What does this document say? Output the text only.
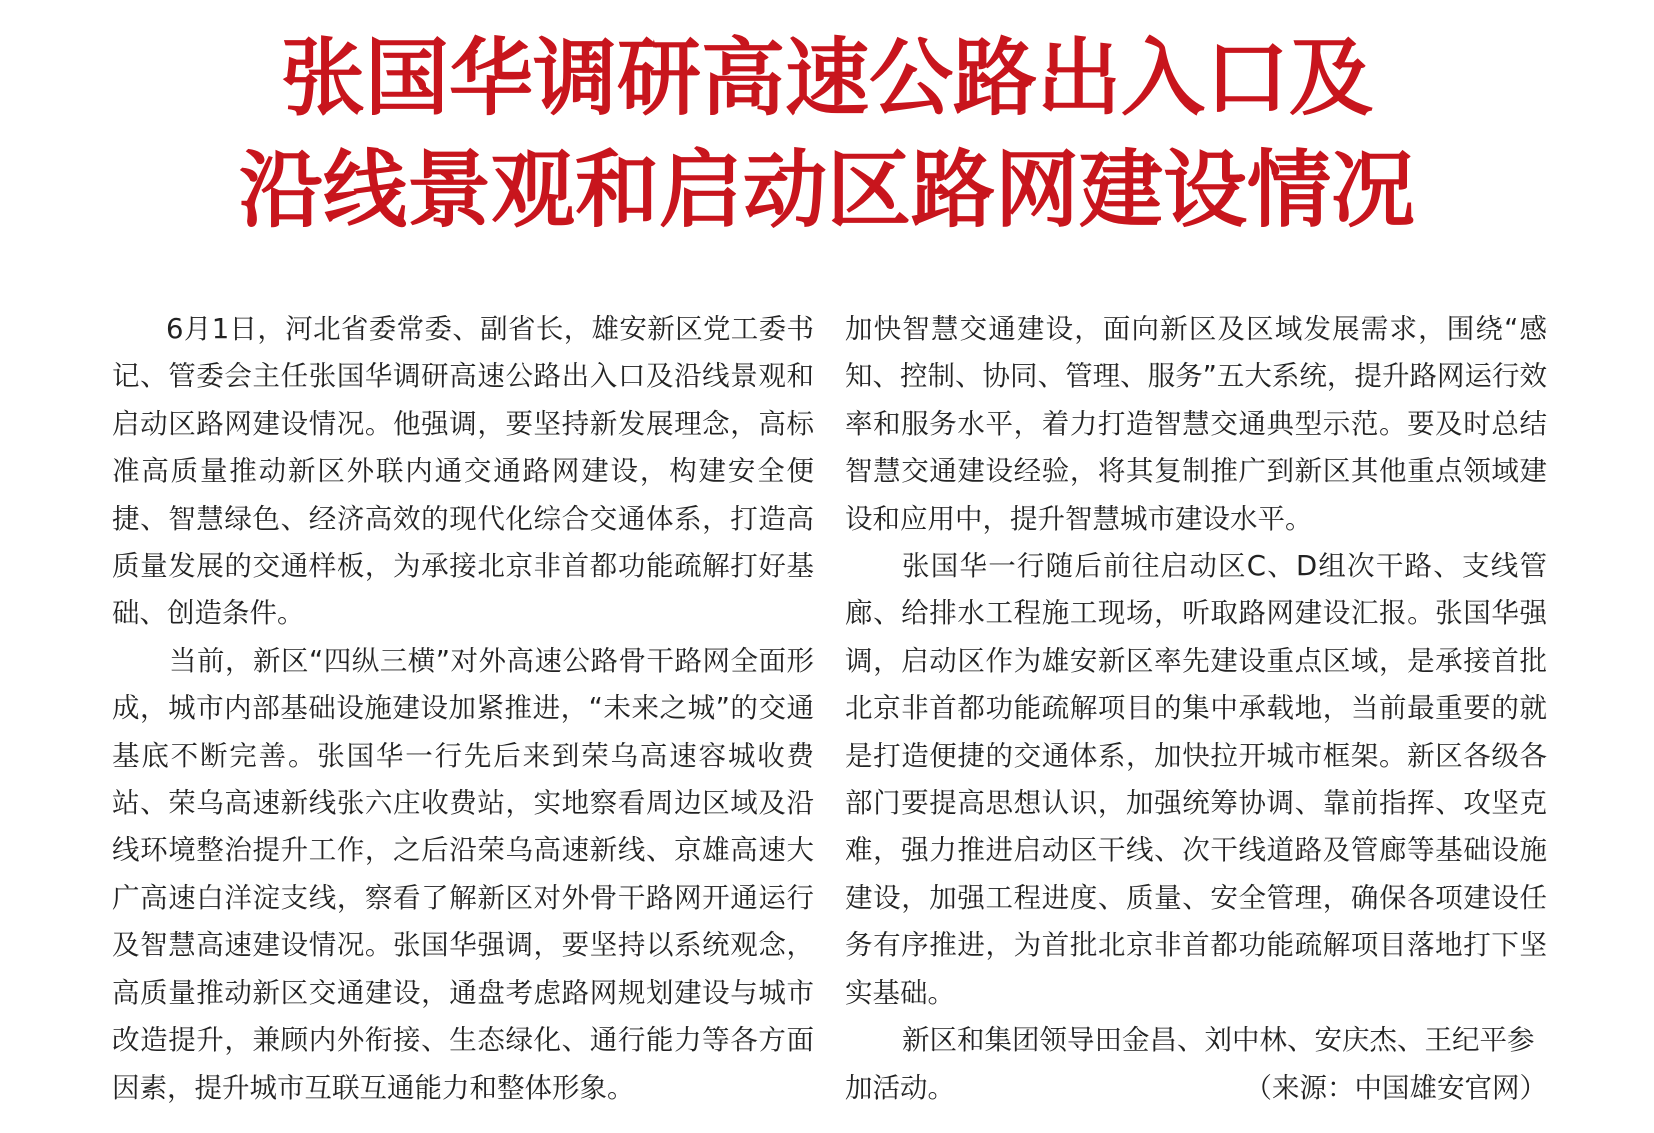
张国华调研高速公路出入口及
沿线景观和启动区路网建设情况

6月1日，河北省委常委、副省长，雄安新区党工委书记、管委会主任张国华调研高速公路出入口及沿线景观和启动区路网建设情况。他强调，要坚持新发展理念，高标准高质量推动新区外联内通交通路网建设，构建安全便捷、智慧绿色、经济高效的现代化综合交通体系，打造高质量发展的交通样板，为承接北京非首都功能疏解打好基础、创造条件。

当前，新区“四纵三横”对外高速公路骨干路网全面形成，城市内部基础设施建设加紧推进，“未来之城”的交通基底不断完善。张国华一行先后来到荣乌高速容城收费站、荣乌高速新线张六庄收费站，实地察看周边区域及沿线环境整治提升工作，之后沿荣乌高速新线、京雄高速大广高速白洋淀支线，察看了解新区对外骨干路网开通运行及智慧高速建设情况。张国华强调，要坚持以系统观念，高质量推动新区交通建设，通盘考虑路网规划建设与城市改造提升，兼顾内外衔接、生态绿化、通行能力等各方面因素，提升城市互联互通能力和整体形象。

加快智慧交通建设，面向新区及区域发展需求，围绕“感知、控制、协同、管理、服务”五大系统，提升路网运行效率和服务水平，着力打造智慧交通典型示范。要及时总结智慧交通建设经验，将其复制推广到新区其他重点领域建设和应用中，提升智慧城市建设水平。

张国华一行随后前往启动区C、D组次干路、支线管廊、给排水工程施工现场，听取路网建设汇报。张国华强调，启动区作为雄安新区率先建设重点区域，是承接首批北京非首都功能疏解项目的集中承载地，当前最重要的就是打造便捷的交通体系，加快拉开城市框架。新区各级各部门要提高思想认识，加强统筹协调、靠前指挥、攻坚克难，强力推进启动区干线、次干线道路及管廊等基础设施建设，加强工程进度、质量、安全管理，确保各项建设任务有序推进，为首批北京非首都功能疏解项目落地打下坚实基础。

新区和集团领导田金昌、刘中林、安庆杰、王纪平参

加活动。	（来源：中国雄安官网）
